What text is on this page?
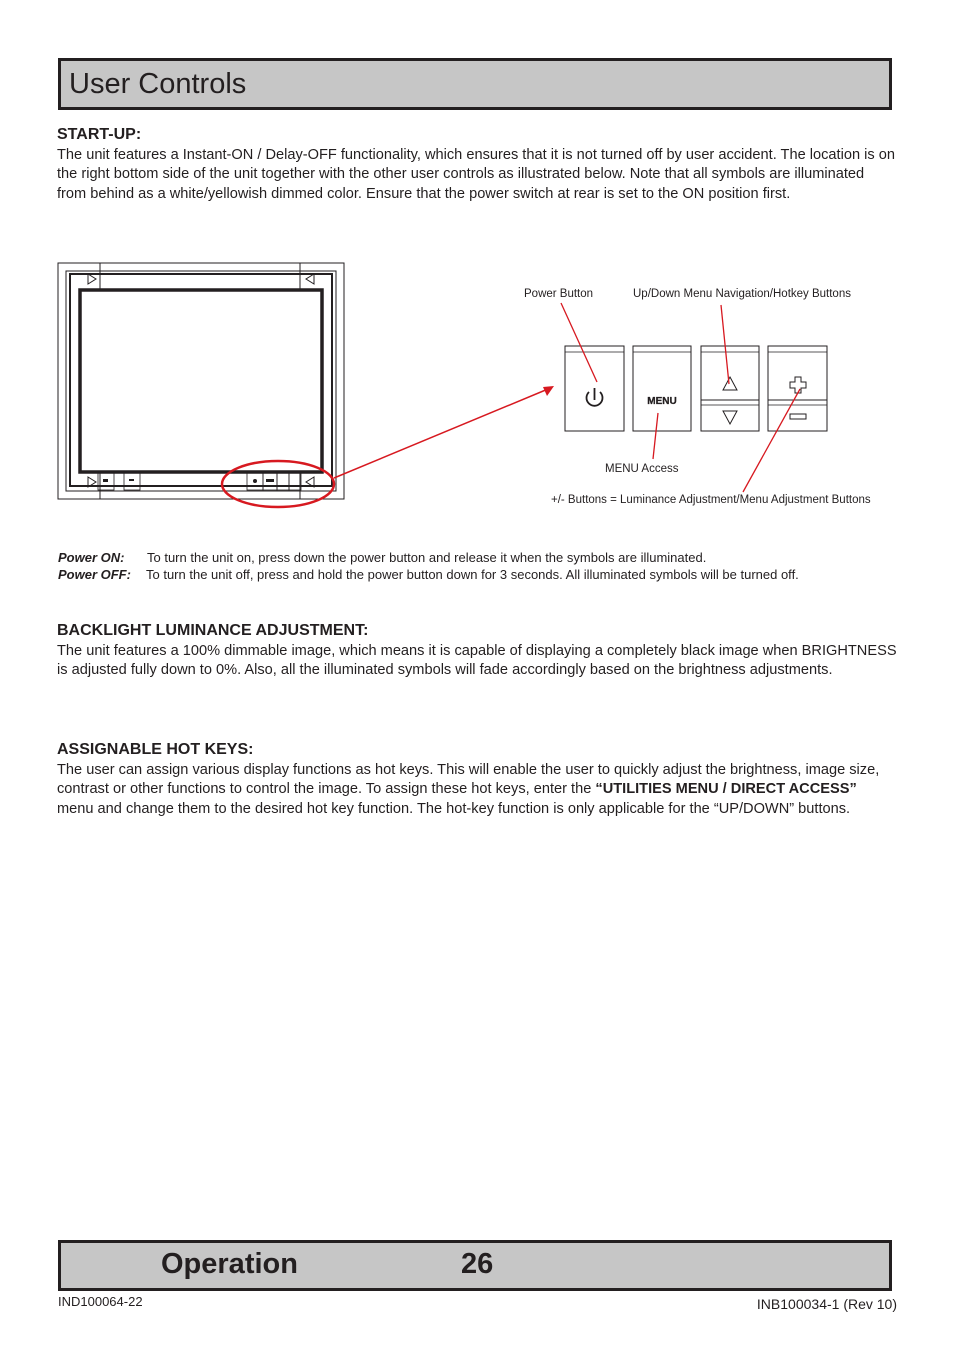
User Controls

START-UP:

The unit features a Instant-ON / Delay-OFF functionality, which ensures that it is not turned off by user accident. The location is on the right bottom side of the unit together with the other user controls as illustrated below. Note that all symbols are illuminated from behind as a white/yellowish dimmed color. Ensure that the power switch at rear is set to the ON position first.

MENU
Power Button	Up/Down Menu Navigation/Hotkey Buttons
MENU Access
+/- Buttons = Luminance Adjustment/Menu Adjustment Buttons
Power ON: To turn the unit on, press down the power button and release it when the symbols are illuminated.
Power OFF: To turn the unit off, press and hold the power button down for 3 seconds. All illuminated symbols will be turned off.

BACKLIGHT LUMINANCE ADJUSTMENT:

The unit features a 100% dimmable image, which means it is capable of displaying a completely black image when BRIGHTNESS is adjusted fully down to 0%. Also, all the illuminated symbols will fade accordingly based on the brightness adjustments.

ASSIGNABLE HOT KEYS:

The user can assign various display functions as hot keys. This will enable the user to quickly adjust the brightness, image size, contrast or other functions to control the image. To assign these hot keys, enter the “UTILITIES MENU / DIRECT ACCESS” menu and change them to the desired hot key function. The hot-key function is only applicable for the “UP/DOWN” buttons.

Operation	26
IND100064-22	INB100034-1 (Rev 10)
